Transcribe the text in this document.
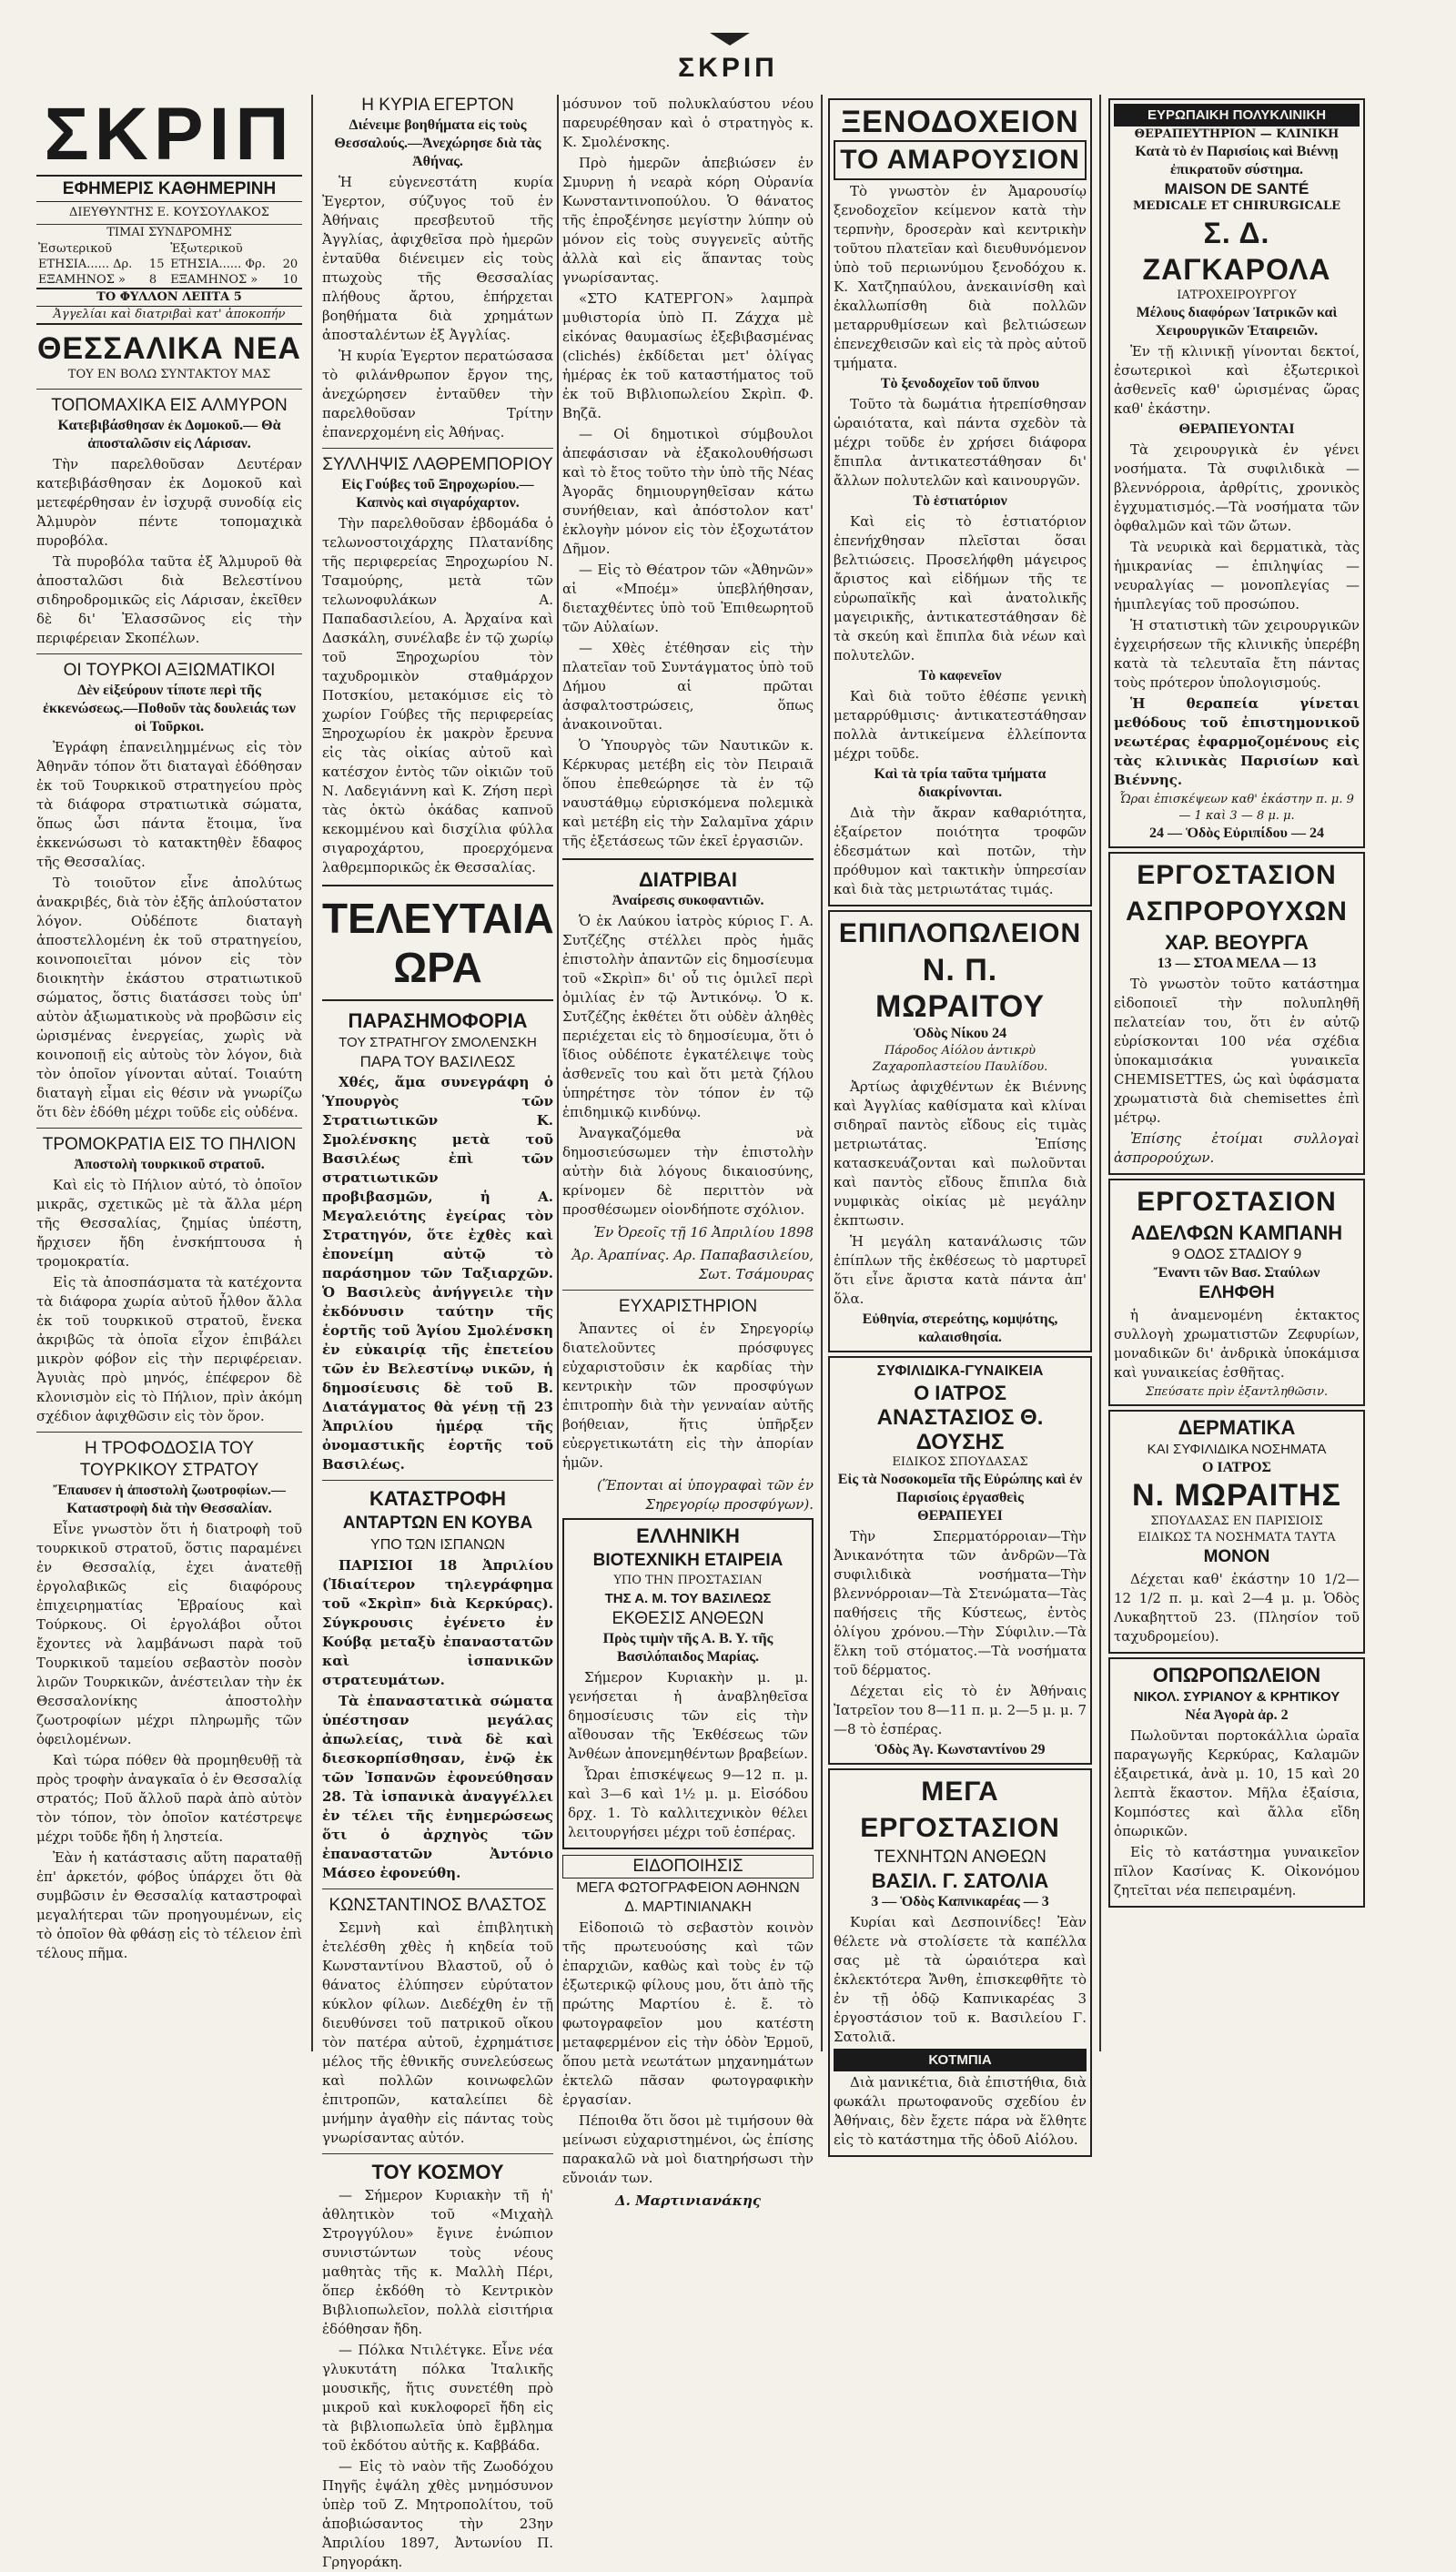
ΣΚΡΙΠ
ΣΚΡΙΠ
ΕΦΗΜΕΡΙΣ ΚΑΘΗΜΕΡΙΝΗ
ΔΙΕΥΘΥΝΤΗΣ Ε. ΚΟΥΣΟΥΛΑΚΟΣ
ΤΙΜΑΙ ΣΥΝΔΡΟΜΗΣ
Ἐσωτερικοῦ		Ἐξωτερικοῦ	
ΕΤΗΣΙΑ...... Δρ.	15	ΕΤΗΣΙΑ...... Φρ.	20
ΕΞΑΜΗΝΟΣ »	8	ΕΞΑΜΗΝΟΣ »	10
ΤΟ ΦΥΛΛΟΝ ΛΕΠΤΑ 5
Ἀγγελίαι καὶ διατριβαὶ κατ' ἀποκοπήν
ΘΕΣΣΑΛΙΚΑ ΝΕΑ
ΤΟΥ ΕΝ ΒΟΛΩ ΣΥΝΤΑΚΤΟΥ ΜΑΣ
ΤΟΠΟΜΑΧΙΚΑ ΕΙΣ ΑΛΜΥΡΟΝ
Κατεβιβάσθησαν ἐκ Δομοκοῦ.— Θὰ ἀποσταλῶσιν εἰς Λάρισαν.

Τὴν παρελθοῦσαν Δευτέραν κατεβιβάσθησαν ἐκ Δομοκοῦ καὶ μετεφέρθησαν ἐν ἰσχυρᾷ συνοδίᾳ εἰς Ἀλμυρὸν πέντε τοπομαχικὰ πυροβόλα.

Τὰ πυροβόλα ταῦτα ἐξ Ἁλμυροῦ θὰ ἀποσταλῶσι διὰ Βελεστίνου σιδηροδρομικῶς εἰς Λάρισαν, ἐκεῖθεν δὲ δι' Ἐλασσῶνος εἰς τὴν περιφέρειαν Σκοπέλων.

ΟΙ ΤΟΥΡΚΟΙ ΑΞΙΩΜΑΤΙΚΟΙ
Δὲν εἰξεύρουν τίποτε περὶ τῆς ἐκκενώσεως.—Ποθοῦν τὰς δουλειάς των οἱ Τοῦρκοι.

Ἐγράφη ἐπανειλημμένως εἰς τὸν Ἀθηνᾶν τόπον ὅτι διαταγαὶ ἐδόθησαν ἐκ τοῦ Τουρκικοῦ στρατηγείου πρὸς τὰ διάφορα στρατιωτικὰ σώματα, ὅπως ὦσι πάντα ἕτοιμα, ἵνα ἐκκενώσωσι τὸ κατακτηθὲν ἔδαφος τῆς Θεσσαλίας.

Τὸ τοιοῦτον εἶνε ἀπολύτως ἀνακριβές, διὰ τὸν ἐξῆς ἁπλούστατον λόγον. Οὐδέποτε διαταγὴ ἀποστελλομένη ἐκ τοῦ στρατηγείου, κοινοποιεῖται μόνον εἰς τὸν διοικητὴν ἑκάστου στρατιωτικοῦ σώματος, ὅστις διατάσσει τοὺς ὑπ' αὐτὸν ἀξιωματικοὺς νὰ προβῶσιν εἰς ὡρισμένας ἐνεργείας, χωρὶς νὰ κοινοποιῇ εἰς αὐτοὺς τὸν λόγον, διὰ τὸν ὁποῖον γίνονται αὐταί. Τοιαύτη διαταγὴ εἶμαι εἰς θέσιν νὰ γνωρίζω ὅτι δὲν ἐδόθη μέχρι τοῦδε εἰς οὐδένα.

ΤΡΟΜΟΚΡΑΤΙΑ ΕΙΣ ΤΟ ΠΗΛΙΟΝ
Ἀποστολὴ τουρκικοῦ στρατοῦ.

Καὶ εἰς τὸ Πήλιον αὐτό, τὸ ὁποῖον μικρᾶς, σχετικῶς μὲ τὰ ἄλλα μέρη τῆς Θεσσαλίας, ζημίας ὑπέστη, ἤρχισεν ἤδη ἐνσκήπτουσα ἡ τρομοκρατία.

Εἰς τὰ ἀποσπάσματα τὰ κατέχοντα τὰ διάφορα χωρία αὐτοῦ ἦλθον ἄλλα ἐκ τοῦ τουρκικοῦ στρατοῦ, ἔνεκα ἀκριβῶς τὰ ὁποῖα εἶχον ἐπιβάλει μικρὸν φόβον εἰς τὴν περιφέρειαν. Ἀγυιὰς πρὸ μηνός, ἐπέφερον δὲ κλονισμὸν εἰς τὸ Πήλιον, πρὶν ἀκόμη σχέδιον ἀφιχθῶσιν εἰς τὸν ὅρον.

Η ΤΡΟΦΟΔΟΣΙΑ ΤΟΥ ΤΟΥΡΚΙΚΟΥ ΣΤΡΑΤΟΥ
Ἔπαυσεν ἡ ἀποστολὴ ζωοτροφίων.—Καταστροφὴ διὰ τὴν Θεσσαλίαν.

Εἶνε γνωστὸν ὅτι ἡ διατροφὴ τοῦ τουρκικοῦ στρατοῦ, ὅστις παραμένει ἐν Θεσσαλίᾳ, ἐχει ἀνατεθῇ ἐργολαβικῶς εἰς διαφόρους ἐπιχειρηματίας Ἑβραίους καὶ Τούρκους. Οἱ ἐργολάβοι οὗτοι ἔχοντες νὰ λαμβάνωσι παρὰ τοῦ Τουρκικοῦ ταμείου σεβαστὸν ποσὸν λιρῶν Τουρκικῶν, ἀνέστειλαν τὴν ἐκ Θεσσαλονίκης ἀποστολὴν ζωοτροφίων μέχρι πληρωμῆς τῶν ὀφειλομένων.

Καὶ τώρα πόθεν θὰ προμηθευθῇ τὰ πρὸς τροφὴν ἀναγκαῖα ὁ ἐν Θεσσαλίᾳ στρατός; Ποῦ ἄλλοῦ παρὰ ἀπὸ αὐτὸν τὸν τόπον, τὸν ὁποῖον κατέστρεψε μέχρι τοῦδε ἤδη ἡ ληστεία.

Ἐὰν ἡ κατάστασις αὕτη παραταθῇ ἐπ' ἀρκετόν, φόβος ὑπάρχει ὅτι θὰ συμβῶσιν ἐν Θεσσαλίᾳ καταστροφαὶ μεγαλήτεραι τῶν προηγουμένων, εἰς τὸ ὁποῖον θὰ φθάσῃ εἰς τὸ τέλειον ἐπὶ τέλους πῆμα.

Η ΚΥΡΙΑ ΕΓΕΡΤΟΝ
Διένειμε βοηθήματα εἰς τοὺς Θεσσαλούς.—Ἀνεχώρησε διὰ τὰς Ἀθήνας.

Ἡ εὐγενεστάτη κυρία Ἐγερτον, σύζυγος τοῦ ἐν Ἀθήναις πρεσβευτοῦ τῆς Ἀγγλίας, ἀφιχθεῖσα πρὸ ἡμερῶν ἐνταῦθα διένειμεν εἰς τοὺς πτωχοὺς τῆς Θεσσαλίας πλήθους ἄρτου, ἐπήρχεται βοηθήματα διὰ χρημάτων ἀποσταλέντων ἐξ Ἀγγλίας.

Ἡ κυρία Ἐγερτον περατώσασα τὸ φιλάνθρωπον ἔργον της, ἀνεχώρησεν ἐνταῦθεν τὴν παρελθοῦσαν Τρίτην ἐπανερχομένη εἰς Ἀθήνας.

ΣΥΛΛΗΨΙΣ ΛΑΘΡΕΜΠΟΡΙΟΥ
Εἰς Γούβες τοῦ Ξηροχωρίου.—Καπνὸς καὶ σιγαρόχαρτον.

Τὴν παρελθοῦσαν ἑβδομάδα ὁ τελωνοστοιχάρχης Πλατανίδης τῆς περιφερείας Ξηροχωρίου Ν. Τσαμούρης, μετὰ τῶν τελωνοφυλάκων Α. Παπαδασιλείου, Α. Ἀρχαίνα καὶ Δασκάλη, συνέλαβε ἐν τῷ χωρίῳ τοῦ Ξηροχωρίου τὸν ταχυδρομικὸν σταθμάρχον Ποτσκίου, μετακόμισε εἰς τὸ χωρίον Γούβες τῆς περιφερείας Ξηροχωρίου ἐκ μακρὸν ἔρευνα εἰς τὰς οἰκίας αὐτοῦ καὶ κατέσχον ἐντὸς τῶν οἰκιῶν τοῦ Ν. Λαδεγιάννη καὶ Κ. Ζήση περὶ τὰς ὀκτὼ ὀκάδας καπνοῦ κεκομμένου καὶ δισχίλια φύλλα σιγαροχάρτου, προερχόμενα λαθρεμπορικῶς ἐκ Θεσσαλίας.

ΤΕΛΕΥΤΑΙΑ ΩΡΑ
ΠΑΡΑΣΗΜΟΦΟΡΙΑ
ΤΟΥ ΣΤΡΑΤΗΓΟΥ ΣΜΟΛΕΝΣΚΗ
ΠΑΡΑ ΤΟΥ ΒΑΣΙΛΕΩΣ

Χθές, ἅμα συνεγράφη ὁ Ὑπουργὸς τῶν Στρατιωτικῶν Κ. Σμολένσκης μετὰ τοῦ Βασιλέως ἐπὶ τῶν στρατιωτικῶν προβιβασμῶν, ἡ Α. Μεγαλειότης ἐγείρας τὸν Στρατηγόν, ὅτε ἐχθὲς καὶ ἐπονείμη αὐτῷ τὸ παράσημον τῶν Ταξιαρχῶν. Ὁ Βασιλεὺς ἀνήγγειλε τὴν ἐκδόνυσιν ταύτην τῆς ἑορτῆς τοῦ Ἁγίου Σμολένσκη ἐν εὐκαιρίᾳ τῆς ἐπετείου τῶν ἐν Βελεστίνῳ νικῶν, ἡ δημοσίευσις δὲ τοῦ Β. Διατάγματος θὰ γένῃ τῇ 23 Ἀπριλίου ἡμέρᾳ τῆς ὀνομαστικῆς ἑορτῆς τοῦ Βασιλέως.

ΚΑΤΑΣΤΡΟΦΗ
ΑΝΤΑΡΤΩΝ ΕΝ ΚΟΥΒΑ
ΥΠΟ ΤΩΝ ΙΣΠΑΝΩΝ

ΠΑΡΙΣΙΟΙ 18 Ἀπριλίου (Ἰδιαίτερον τηλεγράφημα τοῦ «Σκρὶπ» διὰ Κερκύρας). Σύγκρουσις ἐγένετο ἐν Κούβᾳ μεταξὺ ἐπαναστατῶν καὶ ἰσπανικῶν στρατευμάτων.

Τὰ ἐπαναστατικὰ σώματα ὑπέστησαν μεγάλας ἀπωλείας, τινὰ δὲ καὶ διεσκορπίσθησαν, ἐνῷ ἐκ τῶν Ἰσπανῶν ἐφονεύθησαν 28. Τὰ ἰσπανικὰ ἀναγγέλλει ἐν τέλει τῆς ἐνημερώσεως ὅτι ὁ ἀρχηγὸς τῶν ἐπαναστατῶν Ἀντόνιο Μάσεο ἐφονεύθη.

ΚΩΝΣΤΑΝΤΙΝΟΣ ΒΛΑΣΤΟΣ

Σεμνὴ καὶ ἐπιβλητικὴ ἐτελέσθη χθὲς ἡ κηδεία τοῦ Κωνσταντίνου Βλαστοῦ, οὗ ὁ θάνατος ἐλύπησεν εὐρύτατον κύκλον φίλων. Διεδέχθη ἐν τῇ διευθύνσει τοῦ πατρικοῦ οἴκου τὸν πατέρα αὐτοῦ, ἐχρημάτισε μέλος τῆς ἐθνικῆς συνελεύσεως καὶ πολλῶν κοινωφελῶν ἐπιτροπῶν, καταλείπει δὲ μνήμην ἀγαθὴν εἰς πάντας τοὺς γνωρίσαντας αὐτόν.

ΤΟΥ ΚΟΣΜΟΥ

— Σήμερον Κυριακὴν τῆ ἡ' ἀθλητικὸν τοῦ «Μιχαὴλ Στρογγύλου» ἔγινε ἐνώπιον συνιστώντων τοὺς νέους μαθητὰς τῆς κ. Μαλλὴ Πέρι, ὅπερ ἐκδόθη τὸ Κεντρικὸν Βιβλιοπωλεῖον, πολλὰ εἰσιτήρια ἐδόθησαν ἤδη.

— Πόλκα Ντιλέτγκε. Εἶνε νέα γλυκυτάτη πόλκα Ἰταλικῆς μουσικῆς, ἥτις συνετέθη πρὸ μικροῦ καὶ κυκλοφορεῖ ἤδη εἰς τὰ βιβλιοπωλεῖα ὑπὸ ἔμβλημα τοῦ ἐκδότου αὐτῆς κ. Καββάδα.

— Εἰς τὸ ναὸν τῆς Ζωοδόχου Πηγῆς ἐψάλη χθὲς μνημόσυνον ὑπὲρ τοῦ Ζ. Μητροπολίτου, τοῦ ἀποβιώσαντος τὴν 23ην Ἀπριλίου 1897, Ἀντωνίου Π. Γρηγοράκη.

μόσυνον τοῦ πολυκλαύστου νέου παρευρέθησαν καὶ ὁ στρατηγὸς κ. Κ. Σμολένσκης.

Πρὸ ἡμερῶν ἀπεβιώσεν ἐν Σμυρνῃ ἡ νεαρὰ κόρη Οὐρανία Κωνσταντινοπούλου. Ὁ θάνατος τῆς ἐπροξένησε μεγίστην λύπην οὐ μόνον εἰς τοὺς συγγενεῖς αὐτῆς ἀλλὰ καὶ εἰς ἅπαντας τοὺς γνωρίσαντας.

«ΣΤΟ ΚΑΤΕΡΓΟΝ» λαμπρὰ μυθιστορία ὑπὸ Π. Ζάχχα μὲ εἰκόνας θαυμασίως ἐξεβιβασμένας (clichés) ἐκδίδεται μετ' ὀλίγας ἡμέρας ἐκ τοῦ καταστήματος τοῦ ἐκ τοῦ Βιβλιοπωλείου Σκρὶπ. Φ. Βηζᾶ.

— Οἱ δημοτικοὶ σύμβουλοι ἀπεφάσισαν νὰ ἐξακολουθήσωσι καὶ τὸ ἔτος τοῦτο τὴν ὑπὸ τῆς Νέας Ἀγορᾶς δημιουργηθεῖσαν κάτω συνήθειαν, καὶ ἀπόστολον κατ' ἐκλογὴν μόνον εἰς τὸν ἐξοχωτάτον Δῆμον.

— Εἰς τὸ Θέατρον τῶν «Ἀθηνῶν» αἱ «Μποέμ» ὑπεβλήθησαν, διεταχθέντες ὑπὸ τοῦ Ἐπιθεωρητοῦ τῶν Αὐλαίων.

— Χθὲς ἐτέθησαν εἰς τὴν πλατεῖαν τοῦ Συντάγματος ὑπὸ τοῦ Δήμου αἱ πρῶται ἀσφαλτοστρώσεις, ὅπως ἀνακοινοῦται.

Ὁ Ὑπουργὸς τῶν Ναυτικῶν κ. Κέρκυρας μετέβη εἰς τὸν Πειραιᾶ ὅπου ἐπεθεώρησε τὰ ἐν τῷ ναυστάθμῳ εὑρισκόμενα πολεμικὰ καὶ μετέβη εἰς τὴν Σαλαμῖνα χάριν τῆς ἐξετάσεως τῶν ἐκεῖ ἐργασιῶν.

ΔΙΑΤΡΙΒΑΙ
Ἀναίρεσις συκοφαντιῶν.

Ὁ ἐκ Λαύκου ἰατρὸς κύριος Γ. Α. Συτζέζης στέλλει πρὸς ἡμᾶς ἐπιστολὴν ἀπαντῶν εἰς δημοσίευμα τοῦ «Σκρὶπ» δι' οὗ τις ὁμιλεῖ περὶ ὁμιλίας ἐν τῷ Ἀντικόνῳ. Ὁ κ. Συτζέζης ἐκθέτει ὅτι οὐδὲν ἀληθὲς περιέχεται εἰς τὸ δημοσίευμα, ὅτι ὁ ἴδιος οὐδέποτε ἐγκατέλειψε τοὺς ἀσθενεῖς του καὶ ὅτι μετὰ ζήλου ὑπηρέτησε τὸν τόπον ἐν τῷ ἐπιδημικῷ κινδύνῳ.

Ἀναγκαζόμεθα νὰ δημοσιεύσωμεν τὴν ἐπιστολὴν αὐτὴν διὰ λόγους δικαιοσύνης, κρίνομεν δὲ περιττὸν νὰ προσθέσωμεν οἱονδήποτε σχόλιον.

Ἐν Ὀρεοῖς τῇ 16 Ἀπριλίου 1898
Ἀρ. Ἀραπίνας. Αρ. Παπαβασιλείου, Σωτ. Τσάμουρας
ΕΥΧΑΡΙΣΤΗΡΙΟΝ

Ἀπαντες οἱ ἐν Σηρεγορίῳ διατελοῦντες πρόσφυγες εὐχαριστοῦσιν ἐκ καρδίας τὴν κεντρικὴν τῶν προσφύγων ἐπιτροπὴν διὰ τὴν γενναίαν αὐτῆς βοήθειαν, ἥτις ὑπῆρξεν εὐεργετικωτάτη εἰς τὴν ἀπορίαν ἡμῶν.

(Ἕπονται αἱ ὑπογραφαὶ τῶν ἐν Σηρεγορίῳ προσφύγων).
ΕΛΛΗΝΙΚΗ
ΒΙΟΤΕΧΝΙΚΗ ΕΤΑΙΡΕΙΑ
ΥΠΟ ΤΗΝ ΠΡΟΣΤΑΣΙΑΝ
ΤΗΣ Α. Μ. ΤΟΥ ΒΑΣΙΛΕΩΣ
ΕΚΘΕΣΙΣ ΑΝΘΕΩΝ
Πρὸς τιμὴν τῆς Α. Β. Υ. τῆς Βασιλόπαιδος Μαρίας.

Σήμερον Κυριακὴν μ. μ. γενήσεται ἡ ἀναβληθεῖσα δημοσίευσις τῶν εἰς τὴν αἴθουσαν τῆς Ἐκθέσεως τῶν Ἀνθέων ἀπονεμηθέντων βραβείων.

Ὧραι ἐπισκέψεως 9—12 π. μ. καὶ 3—6 καὶ 1½ μ. μ. Εἰσόδου δρχ. 1. Τὸ καλλιτεχνικὸν θέλει λειτουργήσει μέχρι τοῦ ἐσπέρας.

ΕΙΔΟΠΟΙΗΣΙΣ
ΜΕΓΑ ΦΩΤΟΓΡΑΦΕΙΟΝ ΑΘΗΝΩΝ
Δ. ΜΑΡΤΙΝΙΑΝΑΚΗ

Εἰδοποιῶ τὸ σεβαστὸν κοινὸν τῆς πρωτευούσης καὶ τῶν ἐπαρχιῶν, καθὼς καὶ τοὺς ἐν τῷ ἐξωτερικῷ φίλους μου, ὅτι ἀπὸ τῆς πρώτης Μαρτίου ἐ. ἔ. τὸ φωτογραφεῖον μου κατέστη μεταφερμένον εἰς τὴν ὁδὸν Ἑρμοῦ, ὅπου μετὰ νεωτάτων μηχανημάτων ἐκτελῶ πᾶσαν φωτογραφικὴν ἐργασίαν.

Πέποιθα ὅτι ὅσοι μὲ τιμήσουν θὰ μείνωσι εὐχαριστημένοι, ὡς ἐπίσης παρακαλῶ νὰ μοὶ διατηρήσωσι τὴν εὔνοιάν των.

Δ. Μαρτινιανάκης
ΞΕΝΟΔΟΧΕΙΟΝ
ΤΟ ΑΜΑΡΟΥΣΙΟΝ

Τὸ γνωστὸν ἐν Ἀμαρουσίῳ ξενοδοχεῖον κείμενον κατὰ τὴν τερπνὴν, δροσερὰν καὶ κεντρικὴν τοῦτου πλατεῖαν καὶ διευθυνόμενον ὑπὸ τοῦ περιωνύμου ξενοδόχου κ. Κ. Χατζηπαύλου, ἀνεκαινίσθη καὶ ἐκαλλωπίσθη διὰ πολλῶν μεταρρυθμίσεων καὶ βελτιώσεων ἐπενεχθεισῶν καὶ εἰς τὰ πρὸς αὐτοῦ τμήματα.

Τὸ ξενοδοχεῖον τοῦ ὕπνου

Τοῦτο τὰ δωμάτια ἠτρεπίσθησαν ὡραιότατα, καὶ πάντα σχεδὸν τὰ μέχρι τοῦδε ἐν χρήσει διάφορα ἔπιπλα ἀντικατεστάθησαν δι' ἄλλων πολυτελῶν καὶ καινουργῶν.

Τὸ ἑστιατόριον

Καὶ εἰς τὸ ἑστιατόριον ἐπενήχθησαν πλεῖσται ὅσαι βελτιώσεις. Προσελήφθη μάγειρος ἄριστος καὶ εἰδήμων τῆς τε εὐρωπαϊκῆς καὶ ἀνατολικῆς μαγειρικῆς, ἀντικατεστάθησαν δὲ τὰ σκεύη καὶ ἔπιπλα διὰ νέων καὶ πολυτελῶν.

Τὸ καφενεῖον

Καὶ διὰ τοῦτο ἐθέσπε γενικὴ μεταρρύθμισις· ἀντικατεστάθησαν πολλὰ ἀντικείμενα ἐλλείποντα μέχρι τοῦδε.

Καὶ τὰ τρία ταῦτα τμήματα διακρίνονται.

Διὰ τὴν ἄκραν καθαριότητα, ἐξαίρετον ποιότητα τροφῶν ἐδεσμάτων καὶ ποτῶν, τὴν πρόθυμον καὶ τακτικὴν ὑπηρεσίαν καὶ διὰ τὰς μετριωτάτας τιμάς.

ΕΠΙΠΛΟΠΩΛΕΙΟΝ
Ν. Π. ΜΩΡΑΙΤΟΥ
Ὁδὸς Νίκου 24
Πάροδος Αἰόλου ἀντικρὺ Ζαχαροπλαστείου Παυλίδου.

Ἀρτίως ἀφιχθέντων ἐκ Βιέννης καὶ Ἀγγλίας καθίσματα καὶ κλίναι σιδηραῖ παντὸς εἴδους εἰς τιμὰς μετριωτάτας. Ἐπίσης κατασκευάζονται καὶ πωλοῦνται καὶ παντὸς εἴδους ἔπιπλα διὰ νυμφικὰς οἰκίας μὲ μεγάλην ἐκπτωσιν.

Ἡ μεγάλη κατανάλωσις τῶν ἐπίπλων τῆς ἐκθέσεως τὸ μαρτυρεῖ ὅτι εἶνε ἄριστα κατὰ πάντα ἀπ' ὅλα.

Εὐθηνία, στερεότης, κομψότης, καλαισθησία.
ΣΥΦΙΛΙΔΙΚΑ-ΓΥΝΑΙΚΕΙΑ
Ο ΙΑΤΡΟΣ
ΑΝΑΣΤΑΣΙΟΣ Θ. ΔΟΥΣΗΣ
ΕΙΔΙΚΟΣ ΣΠΟΥΔΑΣΑΣ
Εἰς τὰ Νοσοκομεῖα τῆς Εὐρώπης καὶ ἐν Παρισίοις ἐργασθεὶς
ΘΕΡΑΠΕΥΕΙ

Τὴν Σπερματόρροιαν—Τὴν Ἀνικανότητα τῶν ἀνδρῶν—Τὰ συφιλιδικὰ νοσήματα—Τὴν βλεννόρροιαν—Τὰ Στενώματα—Τὰς παθήσεις τῆς Κύστεως, ἐντὸς ὀλίγου χρόνου.—Τὴν Σύφιλιν.—Τὰ ἕλκη τοῦ στόματος.—Τὰ νοσήματα τοῦ δέρματος.

Δέχεται εἰς τὸ ἐν Ἀθήναις Ἰατρεῖον του 8—11 π. μ. 2—5 μ. μ. 7—8 τὸ ἑσπέρας.

Ὁδὸς Ἀγ. Κωνσταντίνου 29
ΜΕΓΑ ΕΡΓΟΣΤΑΣΙΟΝ
ΤΕΧΝΗΤΩΝ ΑΝΘΕΩΝ
ΒΑΣΙΛ. Γ. ΣΑΤΟΛΙΑ
3 — Ὁδὸς Καπνικαρέας — 3

Κυρίαι καὶ Δεσποινίδες! Ἐὰν θέλετε νὰ στολίσετε τὰ καπέλλα σας μὲ τὰ ὡραιότερα καὶ ἐκλεκτότερα Ἄνθη, ἐπισκεφθῆτε τὸ ἐν τῇ ὁδῷ Καπνικαρέας 3 ἐργοστάσιον τοῦ κ. Βασιλείου Γ. Σατολιᾶ.

ΚΟΤΜΠΙΑ

Διὰ μανικέτια, διὰ ἐπιστήθια, διὰ φωκάλι πρωτοφανοῦς σχεδίου ἐν Ἀθήναις, δὲν ἔχετε πάρα νὰ ἔλθητε εἰς τὸ κατάστημα τῆς ὁδοῦ Αἰόλου.

ΕΥΡΩΠΑΙΚΗ ΠΟΛΥΚΛΙΝΙΚΗ
ΘΕΡΑΠΕΥΤΗΡΙΟΝ — ΚΛΙΝΙΚΗ
Κατὰ τὸ ἐν Παρισίοις καὶ Βιέννῃ ἐπικρατοῦν σύστημα.
MAISON DE SANTÉ
MEDICALE ET CHIRURGICALE
Σ. Δ. ΖΑΓΚΑΡΟΛΑ
ΙΑΤΡΟΧΕΙΡΟΥΡΓΟΥ
Μέλους διαφόρων Ἰατρικῶν καὶ Χειρουργικῶν Ἑταιρειῶν.

Ἐν τῇ κλινικῇ γίνονται δεκτοί, ἐσωτερικοὶ καὶ ἐξωτερικοὶ ἀσθενεῖς καθ' ὡρισμένας ὥρας καθ' ἑκάστην.

ΘΕΡΑΠΕΥΟΝΤΑΙ

Τὰ χειρουργικὰ ἐν γένει νοσήματα. Τὰ συφιλιδικὰ — βλεννόρροια, ἀρθρίτις, χρονικὸς ἐγχυματισμός.—Τὰ νοσήματα τῶν ὀφθαλμῶν καὶ τῶν ὤτων.

Τὰ νευρικὰ καὶ δερματικὰ, τὰς ἡμικρανίας — ἐπιληψίας — νευραλγίας — μονοπλεγίας — ἡμιπλεγίας τοῦ προσώπου.

Ἡ στατιστικὴ τῶν χειρουργικῶν ἐγχειρήσεων τῆς κλινικῆς ὑπερέβη κατὰ τὰ τελευταῖα ἔτη πάντας τοὺς πρότερον ὑπολογισμούς.

Ἡ θεραπεία γίνεται μεθόδους τοῦ ἐπιστημονικοῦ νεωτέρας ἐφαρμοζομένους εἰς τὰς κλινικὰς Παρισίων καὶ Βιέννης.

Ὧραι ἐπισκέψεων καθ' ἑκάστην π. μ. 9 — 1 καὶ 3 — 8 μ. μ.
24 — Ὁδὸς Εὐριπίδου — 24
ΕΡΓΟΣΤΑΣΙΟΝ
ΑΣΠΡΟΡΟΥΧΩΝ
ΧΑΡ. ΒΕΟΥΡΓΑ
13 — ΣΤΟΑ ΜΕΛΑ — 13

Τὸ γνωστὸν τοῦτο κατάστημα εἰδοποιεῖ τὴν πολυπληθῆ πελατείαν του, ὅτι ἐν αὐτῷ εὑρίσκονται 100 νέα σχέδια ὑποκαμισάκια γυναικεῖα CHEMISETTES, ὡς καὶ ὑφάσματα χρωματιστὰ διὰ chemisettes ἐπὶ μέτρῳ.

Ἐπίσης ἐτοίμαι συλλογαὶ ἀσπρορούχων.

ΕΡΓΟΣΤΑΣΙΟΝ
ΑΔΕΛΦΩΝ ΚΑΜΠΑΝΗ
9 ΟΔΟΣ ΣΤΑΔΙΟΥ 9
Ἔναντι τῶν Βασ. Σταύλων
ΕΛΗΦΘΗ

ἡ ἀναμενομένη ἐκτακτος συλλογὴ χρωματιστῶν Ζεφυρίων, μοναδικῶν δι' ἀνδρικὰ ὑποκάμισα καὶ γυναικείας ἐσθῆτας.

Σπεύσατε πρὶν ἐξαντληθῶσιν.

ΔΕΡΜΑΤΙΚΑ
ΚΑΙ ΣΥΦΙΛΙΔΙΚΑ ΝΟΣΗΜΑΤΑ
Ο ΙΑΤΡΟΣ
Ν. ΜΩΡΑΙΤΗΣ
ΣΠΟΥΔΑΣΑΣ ΕΝ ΠΑΡΙΣΙΟΙΣ
ΕΙΔΙΚΩΣ ΤΑ ΝΟΣΗΜΑΤΑ ΤΑΥΤΑ
ΜΟΝΟΝ

Δέχεται καθ' ἑκάστην 10 1/2—12 1/2 π. μ. καὶ 2—4 μ. μ. Ὁδὸς Λυκαβηττοῦ 23. (Πλησίον τοῦ ταχυδρομείου).

ΟΠΩΡΟΠΩΛΕΙΟΝ
ΝΙΚΟΛ. ΣΥΡΙΑΝΟΥ & ΚΡΗΤΙΚΟΥ
Νέα Ἀγορὰ ἀρ. 2

Πωλοῦνται πορτοκάλλια ὡραῖα παραγωγῆς Κερκύρας, Καλαμῶν ἐξαιρετικά, ἀνὰ μ. 10, 15 καὶ 20 λεπτὰ ἕκαστον. Μῆλα ἐξαίσια, Κομπόστες καὶ ἄλλα εἴδη ὀπωρικῶν.

Εἰς τὸ κατάστημα γυναικεῖον πῖλον Κασίνας Κ. Οἰκονόμου ζητεῖται νέα πεπειραμένη.
